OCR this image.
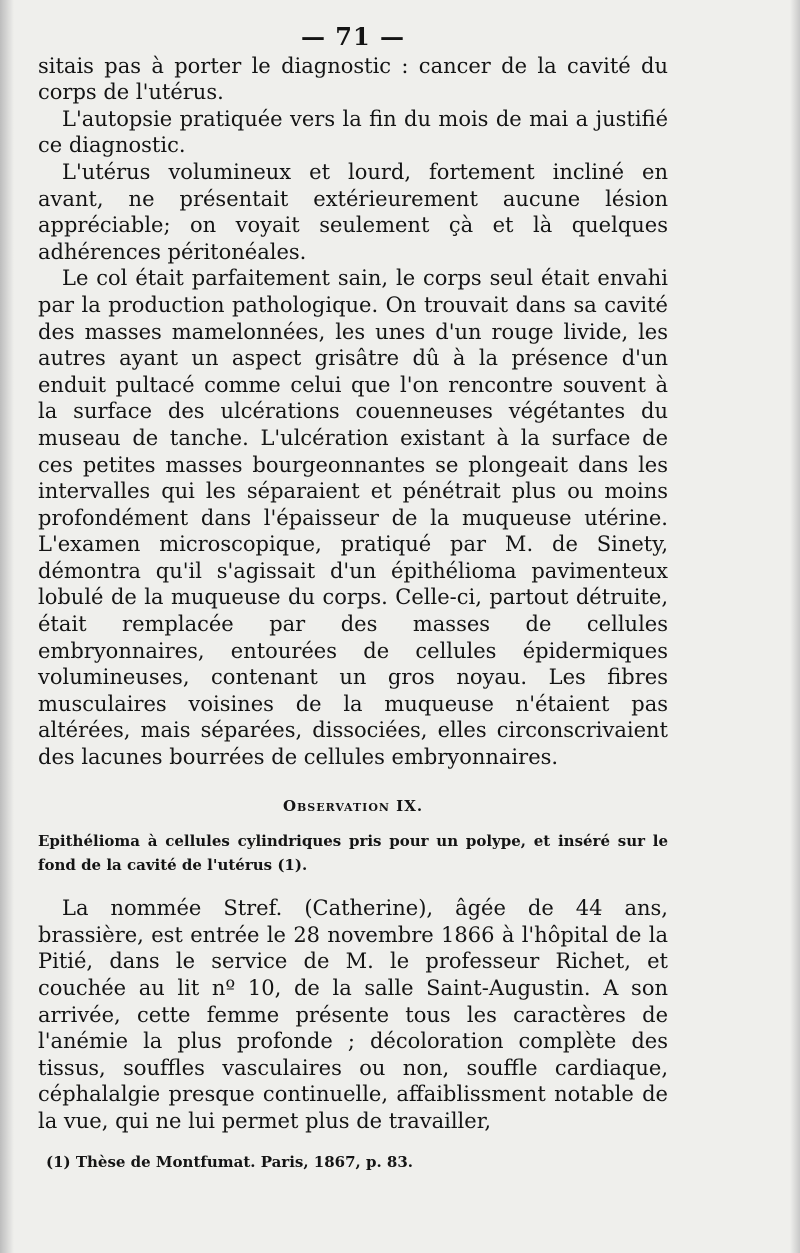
— 71 —

sitais pas à porter le diagnostic : cancer de la cavité du corps de l'utérus.

L'autopsie pratiquée vers la fin du mois de mai a justifié ce diagnostic.

L'utérus volumineux et lourd, fortement incliné en avant, ne présentait extérieurement aucune lésion appréciable; on voyait seulement çà et là quelques adhérences péritonéales.

Le col était parfaitement sain, le corps seul était envahi par la production pathologique. On trouvait dans sa cavité des masses mamelonnées, les unes d'un rouge livide, les autres ayant un aspect grisâtre dû à la présence d'un enduit pultacé comme celui que l'on rencontre souvent à la surface des ulcérations couenneuses végétantes du museau de tanche. L'ulcération existant à la surface de ces petites masses bourgeonnantes se plongeait dans les intervalles qui les séparaient et pénétrait plus ou moins profondément dans l'épaisseur de la muqueuse utérine. L'examen microscopique, pratiqué par M. de Sinety, démontra qu'il s'agissait d'un épithélioma pavimenteux lobulé de la muqueuse du corps. Celle-ci, partout détruite, était remplacée par des masses de cellules embryonnaires, entourées de cellules épidermiques volumineuses, contenant un gros noyau. Les fibres musculaires voisines de la muqueuse n'étaient pas altérées, mais séparées, dissociées, elles circonscrivaient des lacunes bourrées de cellules embryonnaires.

Observation IX.

Epithélioma à cellules cylindriques pris pour un polype, et inséré sur le fond de la cavité de l'utérus (1).

La nommée Stref. (Catherine), âgée de 44 ans, brassière, est entrée le 28 novembre 1866 à l'hôpital de la Pitié, dans le service de M. le professeur Richet, et couchée au lit nº 10, de la salle Saint-Augustin. A son arrivée, cette femme présente tous les caractères de l'anémie la plus profonde ; décoloration complète des tissus, souffles vasculaires ou non, souffle cardiaque, céphalalgie presque continuelle, affaiblissment notable de la vue, qui ne lui permet plus de travailler,

(1) Thèse de Montfumat. Paris, 1867, p. 83.
